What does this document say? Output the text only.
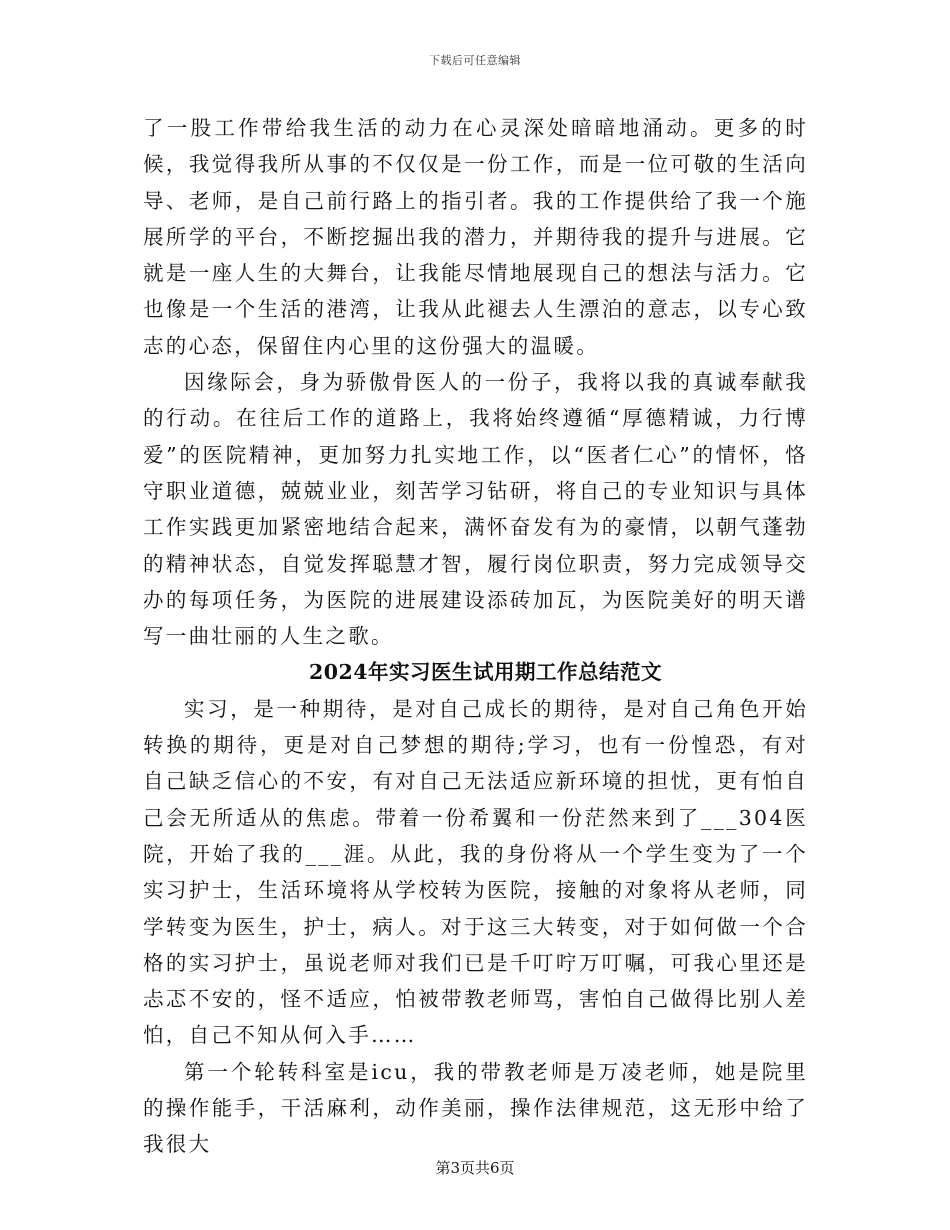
下载后可任意编辑

了一股工作带给我生活的动力在心灵深处暗暗地涌动。更多的时候，我觉得我所从事的不仅仅是一份工作，而是一位可敬的生活向导、老师，是自己前行路上的指引者。我的工作提供给了我一个施展所学的平台，不断挖掘出我的潜力，并期待我的提升与进展。它就是一座人生的大舞台，让我能尽情地展现自己的想法与活力。它也像是一个生活的港湾，让我从此褪去人生漂泊的意志，以专心致志的心态，保留住内心里的这份强大的温暖。

因缘际会，身为骄傲骨医人的一份子，我将以我的真诚奉献我的行动。在往后工作的道路上，我将始终遵循“厚德精诚，力行博爱”的医院精神，更加努力扎实地工作，以“医者仁心”的情怀，恪守职业道德，兢兢业业，刻苦学习钻研，将自己的专业知识与具体工作实践更加紧密地结合起来，满怀奋发有为的豪情，以朝气蓬勃的精神状态，自觉发挥聪慧才智，履行岗位职责，努力完成领导交办的每项任务，为医院的进展建设添砖加瓦，为医院美好的明天谱写一曲壮丽的人生之歌。

2024年实习医生试用期工作总结范文

实习，是一种期待，是对自己成长的期待，是对自己角色开始转换的期待，更是对自己梦想的期待;学习，也有一份惶恐，有对自己缺乏信心的不安，有对自己无法适应新环境的担忧，更有怕自己会无所适从的焦虑。带着一份希翼和一份茫然来到了___304医院，开始了我的___涯。从此，我的身份将从一个学生变为了一个实习护士，生活环境将从学校转为医院，接触的对象将从老师，同学转变为医生，护士，病人。对于这三大转变，对于如何做一个合格的实习护士，虽说老师对我们已是千叮咛万叮嘱，可我心里还是忐忑不安的，怪不适应，怕被带教老师骂，害怕自己做得比别人差怕，自己不知从何入手……

第一个轮转科室是icu，我的带教老师是万凌老师，她是院里的操作能手，干活麻利，动作美丽，操作法律规范，这无形中给了我很大

第3页共6页
